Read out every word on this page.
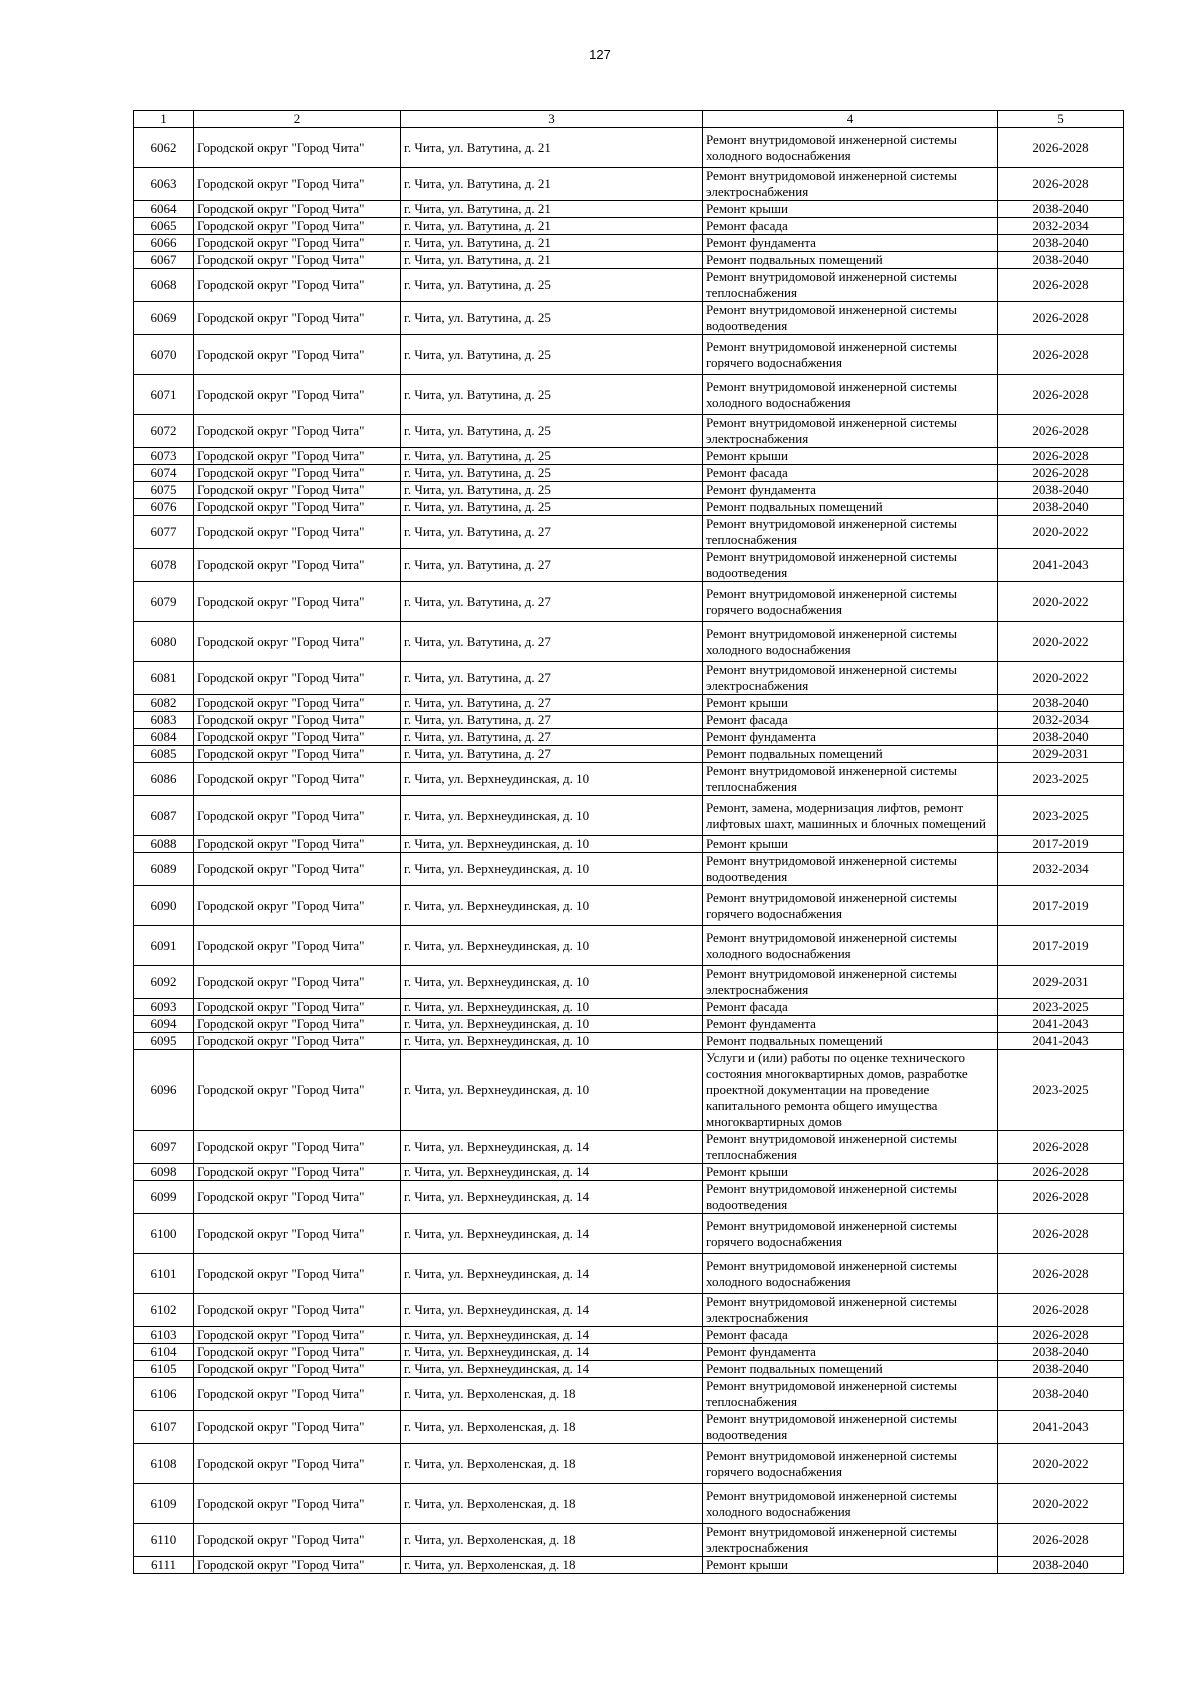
127
1	2	3	4	5
6062	Городской округ "Город Чита"	г. Чита, ул. Ватутина, д. 21	Ремонт внутридомовой инженерной системы холодного водоснабжения	2026-2028
6063	Городской округ "Город Чита"	г. Чита, ул. Ватутина, д. 21	Ремонт внутридомовой инженерной системы электроснабжения	2026-2028
6064	Городской округ "Город Чита"	г. Чита, ул. Ватутина, д. 21	Ремонт крыши	2038-2040
6065	Городской округ "Город Чита"	г. Чита, ул. Ватутина, д. 21	Ремонт фасада	2032-2034
6066	Городской округ "Город Чита"	г. Чита, ул. Ватутина, д. 21	Ремонт фундамента	2038-2040
6067	Городской округ "Город Чита"	г. Чита, ул. Ватутина, д. 21	Ремонт подвальных помещений	2038-2040
6068	Городской округ "Город Чита"	г. Чита, ул. Ватутина, д. 25	Ремонт внутридомовой инженерной системы теплоснабжения	2026-2028
6069	Городской округ "Город Чита"	г. Чита, ул. Ватутина, д. 25	Ремонт внутридомовой инженерной системы водоотведения	2026-2028
6070	Городской округ "Город Чита"	г. Чита, ул. Ватутина, д. 25	Ремонт внутридомовой инженерной системы горячего водоснабжения	2026-2028
6071	Городской округ "Город Чита"	г. Чита, ул. Ватутина, д. 25	Ремонт внутридомовой инженерной системы холодного водоснабжения	2026-2028
6072	Городской округ "Город Чита"	г. Чита, ул. Ватутина, д. 25	Ремонт внутридомовой инженерной системы электроснабжения	2026-2028
6073	Городской округ "Город Чита"	г. Чита, ул. Ватутина, д. 25	Ремонт крыши	2026-2028
6074	Городской округ "Город Чита"	г. Чита, ул. Ватутина, д. 25	Ремонт фасада	2026-2028
6075	Городской округ "Город Чита"	г. Чита, ул. Ватутина, д. 25	Ремонт фундамента	2038-2040
6076	Городской округ "Город Чита"	г. Чита, ул. Ватутина, д. 25	Ремонт подвальных помещений	2038-2040
6077	Городской округ "Город Чита"	г. Чита, ул. Ватутина, д. 27	Ремонт внутридомовой инженерной системы теплоснабжения	2020-2022
6078	Городской округ "Город Чита"	г. Чита, ул. Ватутина, д. 27	Ремонт внутридомовой инженерной системы водоотведения	2041-2043
6079	Городской округ "Город Чита"	г. Чита, ул. Ватутина, д. 27	Ремонт внутридомовой инженерной системы горячего водоснабжения	2020-2022
6080	Городской округ "Город Чита"	г. Чита, ул. Ватутина, д. 27	Ремонт внутридомовой инженерной системы холодного водоснабжения	2020-2022
6081	Городской округ "Город Чита"	г. Чита, ул. Ватутина, д. 27	Ремонт внутридомовой инженерной системы электроснабжения	2020-2022
6082	Городской округ "Город Чита"	г. Чита, ул. Ватутина, д. 27	Ремонт крыши	2038-2040
6083	Городской округ "Город Чита"	г. Чита, ул. Ватутина, д. 27	Ремонт фасада	2032-2034
6084	Городской округ "Город Чита"	г. Чита, ул. Ватутина, д. 27	Ремонт фундамента	2038-2040
6085	Городской округ "Город Чита"	г. Чита, ул. Ватутина, д. 27	Ремонт подвальных помещений	2029-2031
6086	Городской округ "Город Чита"	г. Чита, ул. Верхнеудинская, д. 10	Ремонт внутридомовой инженерной системы теплоснабжения	2023-2025
6087	Городской округ "Город Чита"	г. Чита, ул. Верхнеудинская, д. 10	Ремонт, замена, модернизация лифтов, ремонт лифтовых шахт, машинных и блочных помещений	2023-2025
6088	Городской округ "Город Чита"	г. Чита, ул. Верхнеудинская, д. 10	Ремонт крыши	2017-2019
6089	Городской округ "Город Чита"	г. Чита, ул. Верхнеудинская, д. 10	Ремонт внутридомовой инженерной системы водоотведения	2032-2034
6090	Городской округ "Город Чита"	г. Чита, ул. Верхнеудинская, д. 10	Ремонт внутридомовой инженерной системы горячего водоснабжения	2017-2019
6091	Городской округ "Город Чита"	г. Чита, ул. Верхнеудинская, д. 10	Ремонт внутридомовой инженерной системы холодного водоснабжения	2017-2019
6092	Городской округ "Город Чита"	г. Чита, ул. Верхнеудинская, д. 10	Ремонт внутридомовой инженерной системы электроснабжения	2029-2031
6093	Городской округ "Город Чита"	г. Чита, ул. Верхнеудинская, д. 10	Ремонт фасада	2023-2025
6094	Городской округ "Город Чита"	г. Чита, ул. Верхнеудинская, д. 10	Ремонт фундамента	2041-2043
6095	Городской округ "Город Чита"	г. Чита, ул. Верхнеудинская, д. 10	Ремонт подвальных помещений	2041-2043
6096	Городской округ "Город Чита"	г. Чита, ул. Верхнеудинская, д. 10	Услуги и (или) работы по оценке технического состояния многоквартирных домов, разработке проектной документации на проведение капитального ремонта общего имущества многоквартирных домов	2023-2025
6097	Городской округ "Город Чита"	г. Чита, ул. Верхнеудинская, д. 14	Ремонт внутридомовой инженерной системы теплоснабжения	2026-2028
6098	Городской округ "Город Чита"	г. Чита, ул. Верхнеудинская, д. 14	Ремонт крыши	2026-2028
6099	Городской округ "Город Чита"	г. Чита, ул. Верхнеудинская, д. 14	Ремонт внутридомовой инженерной системы водоотведения	2026-2028
6100	Городской округ "Город Чита"	г. Чита, ул. Верхнеудинская, д. 14	Ремонт внутридомовой инженерной системы горячего водоснабжения	2026-2028
6101	Городской округ "Город Чита"	г. Чита, ул. Верхнеудинская, д. 14	Ремонт внутридомовой инженерной системы холодного водоснабжения	2026-2028
6102	Городской округ "Город Чита"	г. Чита, ул. Верхнеудинская, д. 14	Ремонт внутридомовой инженерной системы электроснабжения	2026-2028
6103	Городской округ "Город Чита"	г. Чита, ул. Верхнеудинская, д. 14	Ремонт фасада	2026-2028
6104	Городской округ "Город Чита"	г. Чита, ул. Верхнеудинская, д. 14	Ремонт фундамента	2038-2040
6105	Городской округ "Город Чита"	г. Чита, ул. Верхнеудинская, д. 14	Ремонт подвальных помещений	2038-2040
6106	Городской округ "Город Чита"	г. Чита, ул. Верхоленская, д. 18	Ремонт внутридомовой инженерной системы теплоснабжения	2038-2040
6107	Городской округ "Город Чита"	г. Чита, ул. Верхоленская, д. 18	Ремонт внутридомовой инженерной системы водоотведения	2041-2043
6108	Городской округ "Город Чита"	г. Чита, ул. Верхоленская, д. 18	Ремонт внутридомовой инженерной системы горячего водоснабжения	2020-2022
6109	Городской округ "Город Чита"	г. Чита, ул. Верхоленская, д. 18	Ремонт внутридомовой инженерной системы холодного водоснабжения	2020-2022
6110	Городской округ "Город Чита"	г. Чита, ул. Верхоленская, д. 18	Ремонт внутридомовой инженерной системы электроснабжения	2026-2028
6111	Городской округ "Город Чита"	г. Чита, ул. Верхоленская, д. 18	Ремонт крыши	2038-2040
